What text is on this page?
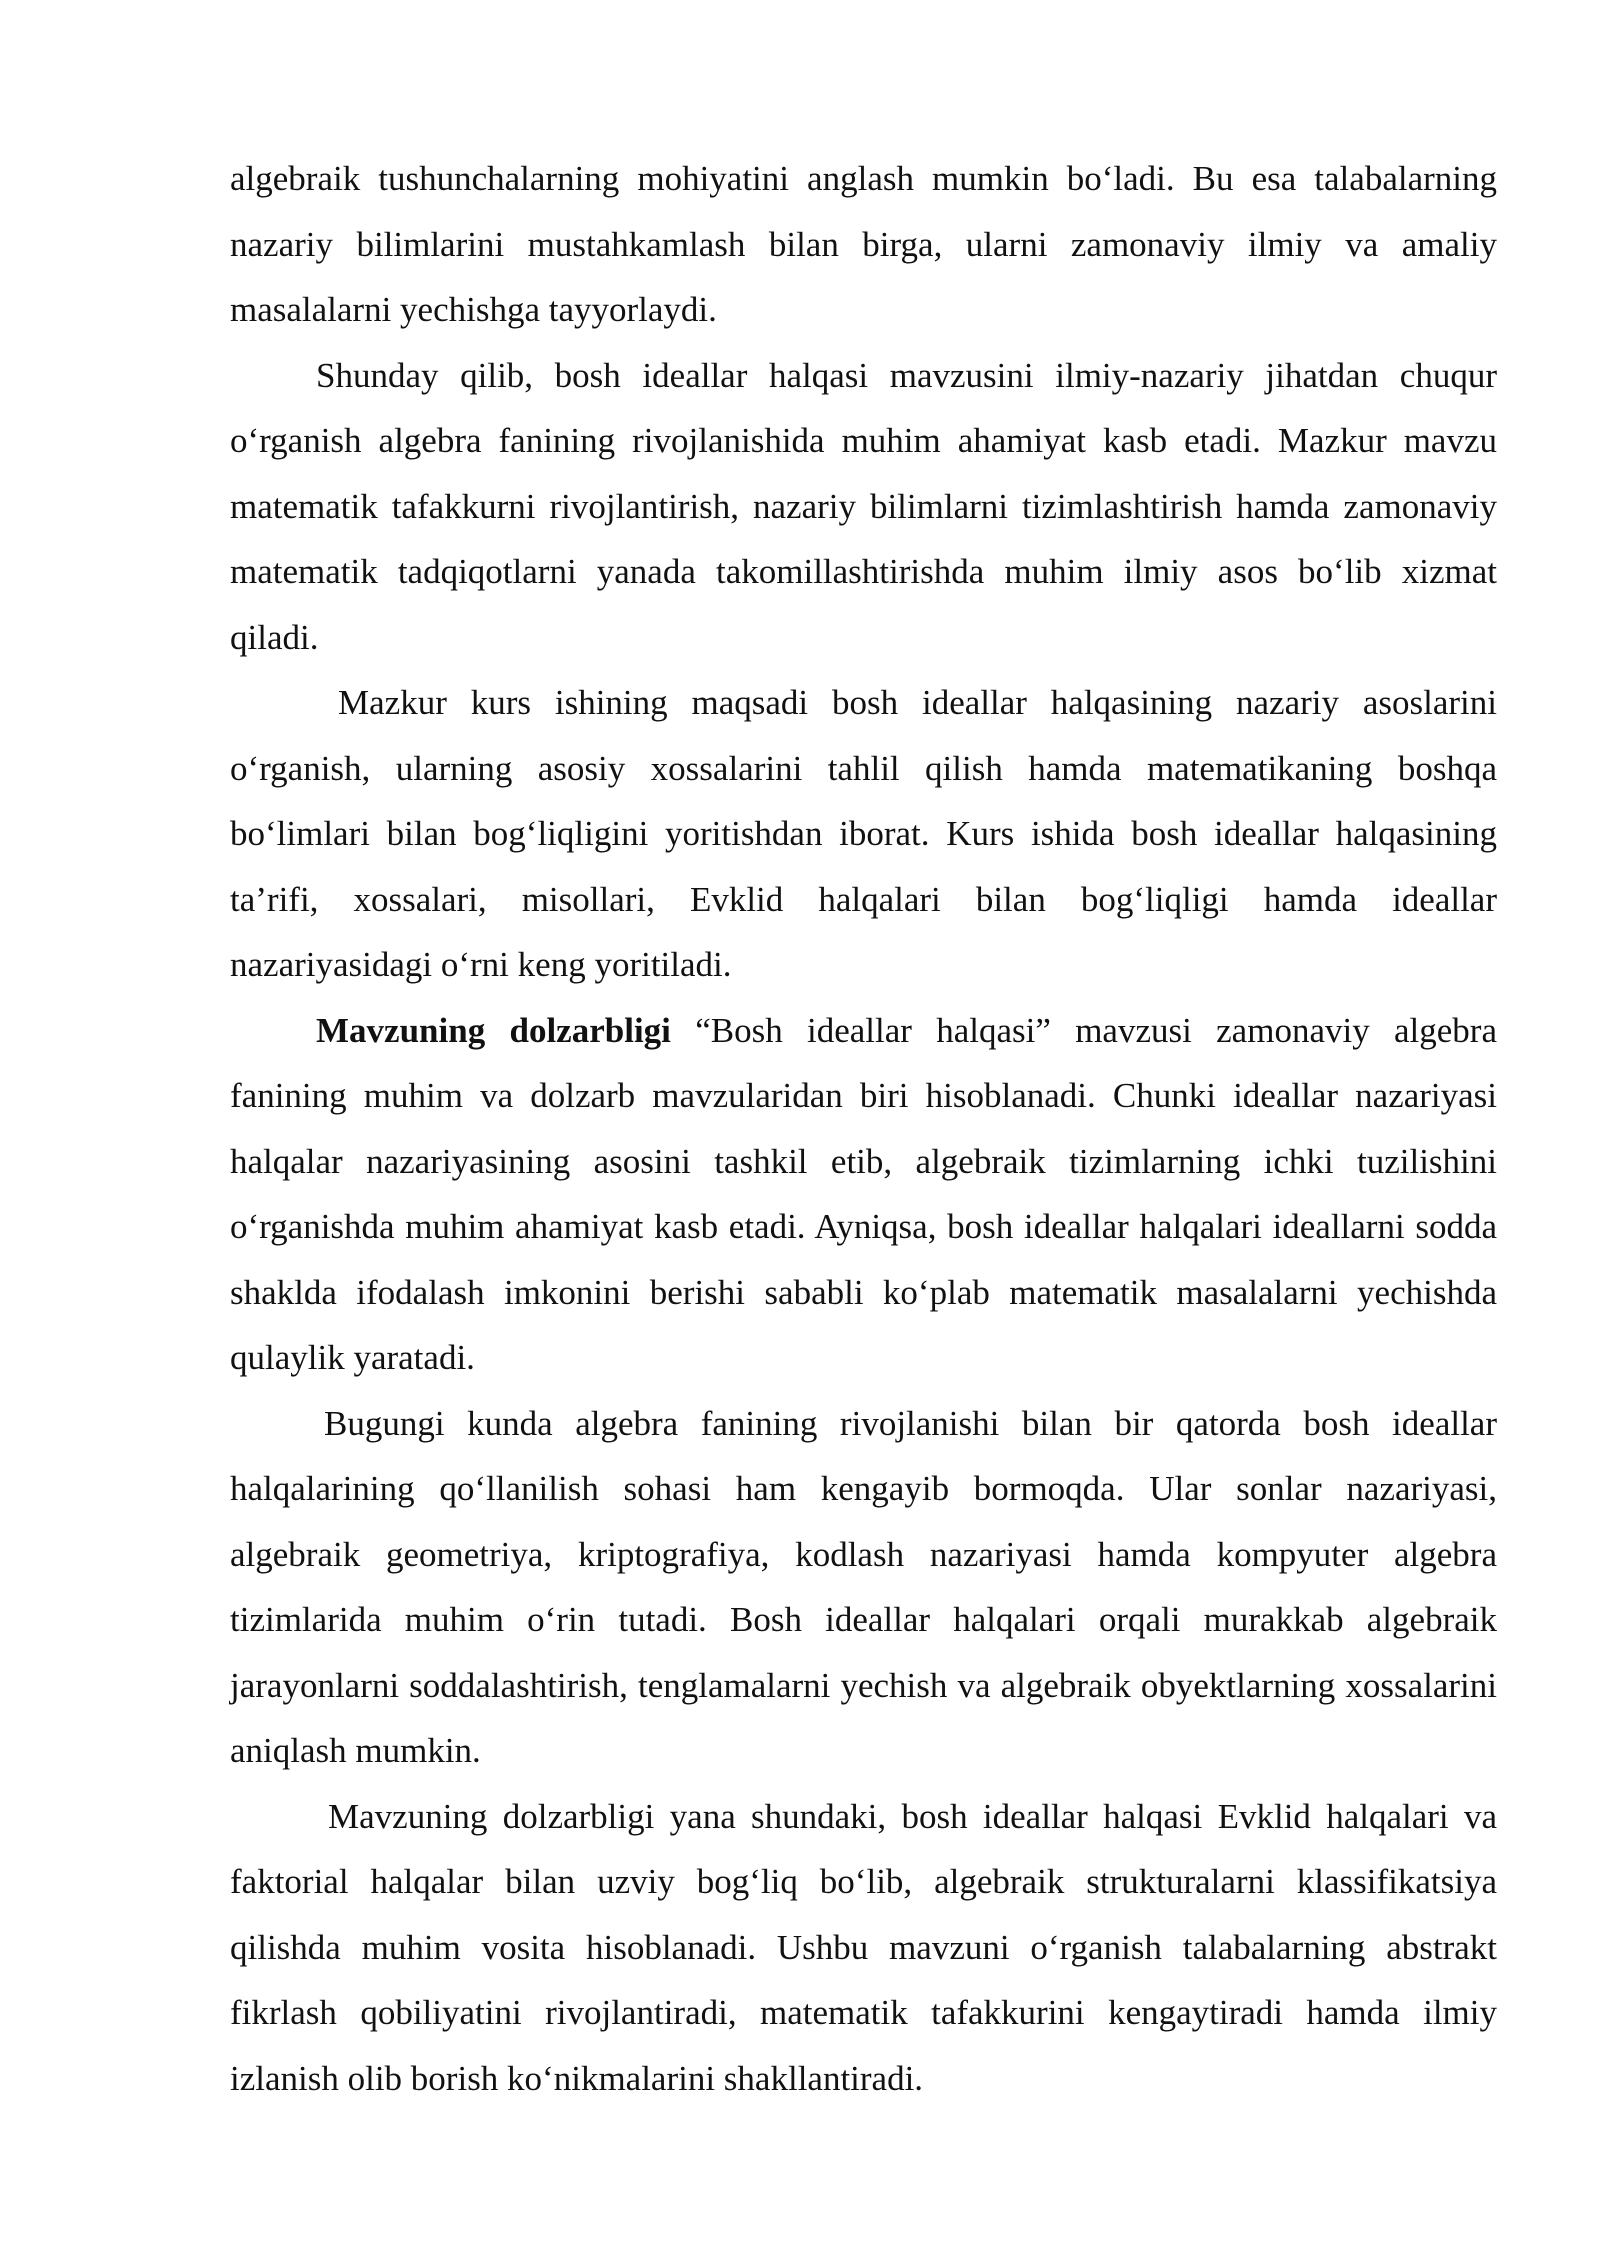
algebraik tushunchalarning mohiyatini anglash mumkin bo‘ladi. Bu esa talabalarning nazariy bilimlarini mustahkamlash bilan birga, ularni zamonaviy ilmiy va amaliy masalalarni yechishga tayyorlaydi.

Shunday qilib, bosh ideallar halqasi mavzusini ilmiy-nazariy jihatdan chuqur o‘rganish algebra fanining rivojlanishida muhim ahamiyat kasb etadi. Mazkur mavzu matematik tafakkurni rivojlantirish, nazariy bilimlarni tizimlashtirish hamda zamonaviy matematik tadqiqotlarni yanada takomillashtirishda muhim ilmiy asos bo‘lib xizmat qiladi.

Mazkur kurs ishining maqsadi bosh ideallar halqasining nazariy asoslarini o‘rganish, ularning asosiy xossalarini tahlil qilish hamda matematikaning boshqa bo‘limlari bilan bog‘liqligini yoritishdan iborat. Kurs ishida bosh ideallar halqasining ta’rifi, xossalari, misollari, Evklid halqalari bilan bog‘liqligi hamda ideallar nazariyasidagi o‘rni keng yoritiladi.

Mavzuning dolzarbligi “Bosh ideallar halqasi” mavzusi zamonaviy algebra fanining muhim va dolzarb mavzularidan biri hisoblanadi. Chunki ideallar nazariyasi halqalar nazariyasining asosini tashkil etib, algebraik tizimlarning ichki tuzilishini o‘rganishda muhim ahamiyat kasb etadi. Ayniqsa, bosh ideallar halqalari ideallarni sodda shaklda ifodalash imkonini berishi sababli ko‘plab matematik masalalarni yechishda qulaylik yaratadi.

Bugungi kunda algebra fanining rivojlanishi bilan bir qatorda bosh ideallar halqalarining qo‘llanilish sohasi ham kengayib bormoqda. Ular sonlar nazariyasi, algebraik geometriya, kriptografiya, kodlash nazariyasi hamda kompyuter algebra tizimlarida muhim o‘rin tutadi. Bosh ideallar halqalari orqali murakkab algebraik jarayonlarni soddalashtirish, tenglamalarni yechish va algebraik obyektlarning xossalarini aniqlash mumkin.

Mavzuning dolzarbligi yana shundaki, bosh ideallar halqasi Evklid halqalari va faktorial halqalar bilan uzviy bog‘liq bo‘lib, algebraik strukturalarni klassifikatsiya qilishda muhim vosita hisoblanadi. Ushbu mavzuni o‘rganish talabalarning abstrakt fikrlash qobiliyatini rivojlantiradi, matematik tafakkurini kengaytiradi hamda ilmiy izlanish olib borish ko‘nikmalarini shakllantiradi.
